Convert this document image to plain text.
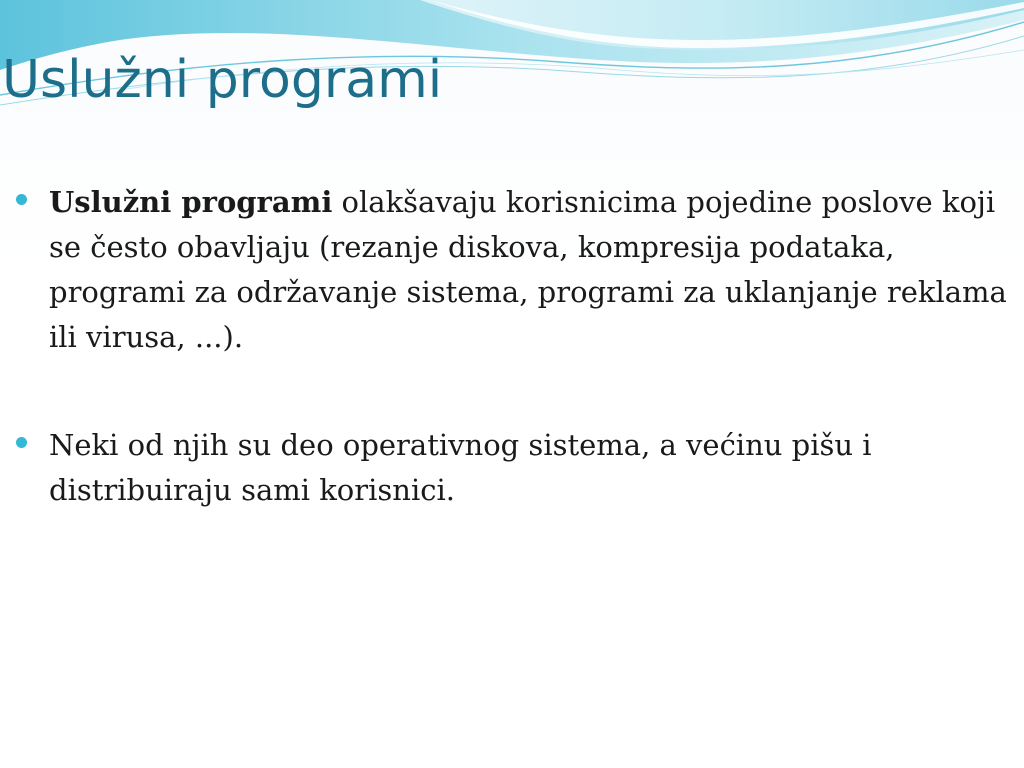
Uslužni programi

Uslužni programi olakšavaju korisnicima pojedine poslove koji se često obavljaju (rezanje diskova, kompresija podataka, programi za održavanje sistema, programi za uklanjanje reklama ili virusa, ...).

Neki od njih su deo operativnog sistema, a većinu pišu i distribuiraju sami korisnici.
